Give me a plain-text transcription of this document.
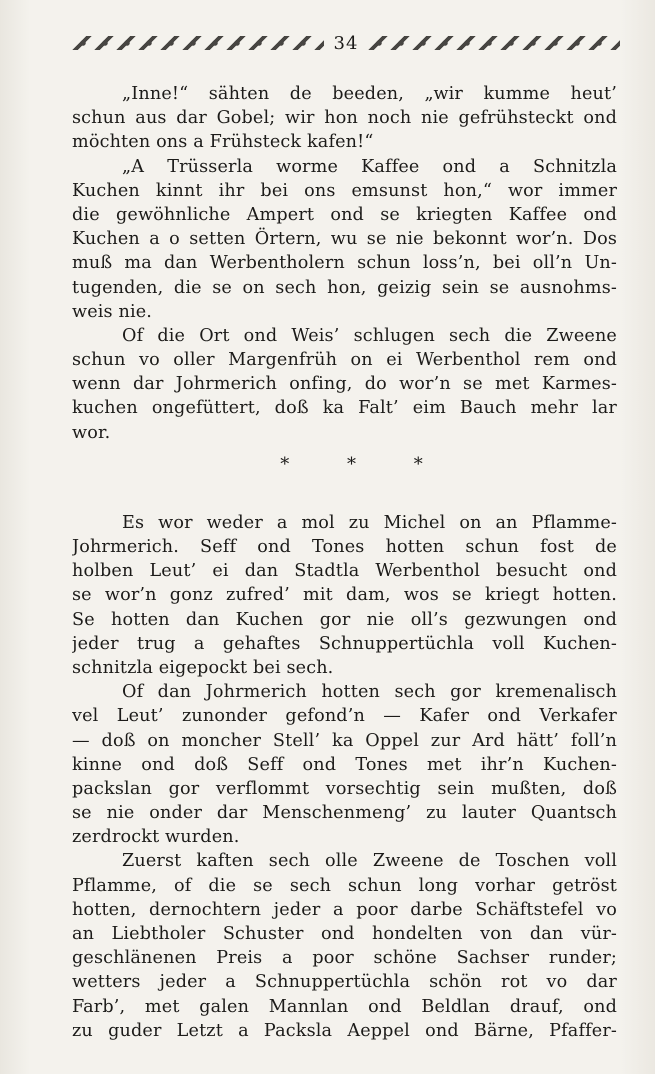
34
„Inne!“ sähten de beeden, „wir kumme heut’
schun aus dar Gobel; wir hon noch nie gefrühsteckt ond
möchten ons a Frühsteck kafen!“
„A Trüsserla worme Kaffee ond a Schnitzla
Kuchen kinnt ihr bei ons emsunst hon,“ wor immer
die gewöhnliche Ampert ond se kriegten Kaffee ond
Kuchen a o setten Örtern, wu se nie bekonnt wor’n. Dos
muß ma dan Werbentholern schun loss’n, bei oll’n Un-
tugenden, die se on sech hon, geizig sein se ausnohms-
weis nie.
Of die Ort ond Weis’ schlugen sech die Zweene
schun vo oller Margenfrüh on ei Werbenthol rem ond
wenn dar Johrmerich onfing, do wor’n se met Karmes-
kuchen ongefüttert, doß ka Falt’ eim Bauch mehr lar
wor.
* * *
Es wor weder a mol zu Michel on an Pflamme-
Johrmerich. Seff ond Tones hotten schun fost de
holben Leut’ ei dan Stadtla Werbenthol besucht ond
se wor’n gonz zufred’ mit dam, wos se kriegt hotten.
Se hotten dan Kuchen gor nie oll’s gezwungen ond
jeder trug a gehaftes Schnuppertüchla voll Kuchen-
schnitzla eigepockt bei sech.
Of dan Johrmerich hotten sech gor kremenalisch
vel Leut’ zunonder gefond’n — Kafer ond Verkafer
— doß on moncher Stell’ ka Oppel zur Ard hätt’ foll’n
kinne ond doß Seff ond Tones met ihr’n Kuchen-
packslan gor verflommt vorsechtig sein mußten, doß
se nie onder dar Menschenmeng’ zu lauter Quantsch
zerdrockt wurden.
Zuerst kaften sech olle Zweene de Toschen voll
Pflamme, of die se sech schun long vorhar getröst
hotten, dernochtern jeder a poor darbe Schäftstefel vo
an Liebtholer Schuster ond hondelten von dan vür-
geschlänenen Preis a poor schöne Sachser runder;
wetters jeder a Schnuppertüchla schön rot vo dar
Farb’, met galen Mannlan ond Beldlan drauf, ond
zu guder Letzt a Packsla Aeppel ond Bärne, Pfaffer-
